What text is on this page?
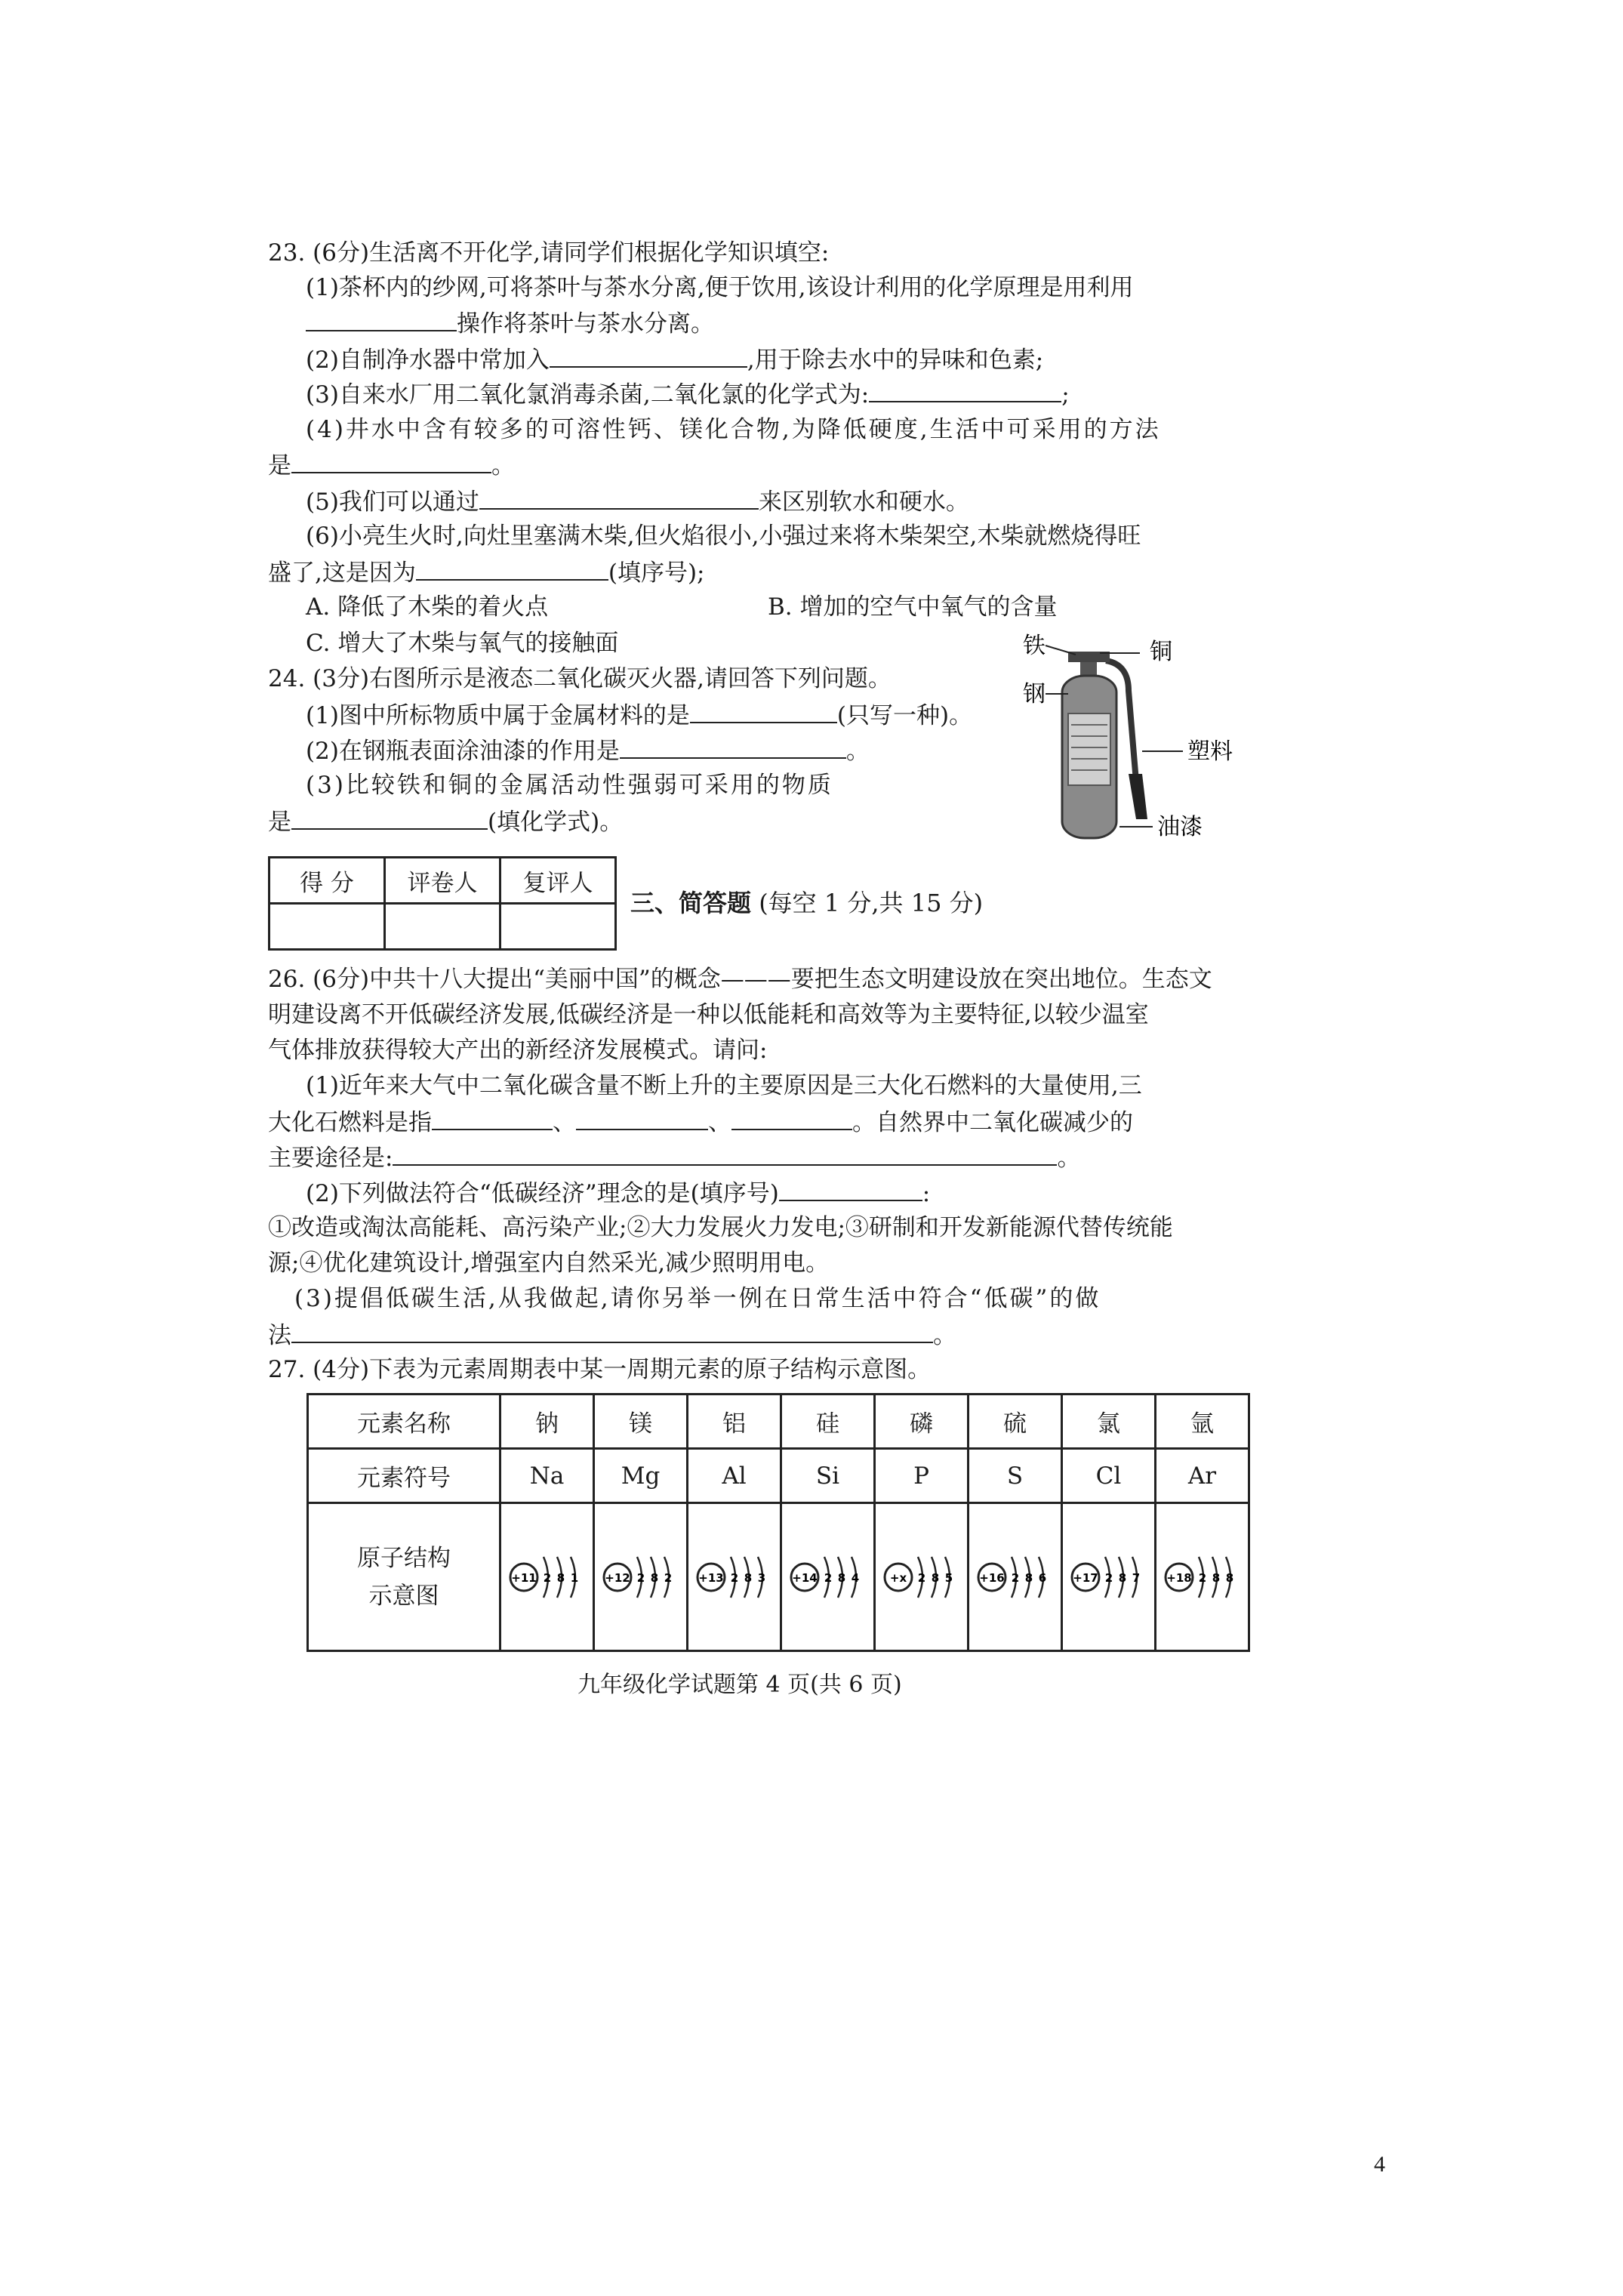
23. (6分)生活离不开化学,请同学们根据化学知识填空:
(1)茶杯内的纱网,可将茶叶与茶水分离,便于饮用,该设计利用的化学原理是用利用
操作将茶叶与茶水分离。
(2)自制净水器中常加入	,用于除去水中的异味和色素;
(3)自来水厂用二氧化氯消毒杀菌,二氧化氯的化学式为:	;
(4)井水中含有较多的可溶性钙、镁化合物,为降低硬度,生活中可采用的方法
是	。
(5)我们可以通过	来区别软水和硬水。
(6)小亮生火时,向灶里塞满木柴,但火焰很小,小强过来将木柴架空,木柴就燃烧得旺
盛了,这是因为	(填序号);
A. 降低了木柴的着火点	B. 增加的空气中氧气的含量
C. 增大了木柴与氧气的接触面
24. (3分)右图所示是液态二氧化碳灭火器,请回答下列问题。
(1)图中所标物质中属于金属材料的是	(只写一种)。
(2)在钢瓶表面涂油漆的作用是	。
(3)比较铁和铜的金属活动性强弱可采用的物质
是	(填化学式)。
铁	铜
钢
塑料
油漆
得 分	评卷人	复评人

三、简答题 (每空 1 分,共 15 分)
26. (6分)中共十八大提出“美丽中国”的概念———要把生态文明建设放在突出地位。生态文
明建设离不开低碳经济发展,低碳经济是一种以低能耗和高效等为主要特征,以较少温室
气体排放获得较大产出的新经济发展模式。请问:
(1)近年来大气中二氧化碳含量不断上升的主要原因是三大化石燃料的大量使用,三
大化石燃料是指	、	、	。自然界中二氧化碳减少的
主要途径是:	。
(2)下列做法符合“低碳经济”理念的是(填序号)	:
①改造或淘汰高能耗、高污染产业;②大力发展火力发电;③研制和开发新能源代替传统能
源;④优化建筑设计,增强室内自然采光,减少照明用电。
(3)提倡低碳生活,从我做起,请你另举一例在日常生活中符合“低碳”的做
法	。
27. (4分)下表为元素周期表中某一周期元素的原子结构示意图。
元素名称	钠	镁	铝	硅	磷	硫	氯	氩
元素符号	Na	Mg	Al	Si	P	S	Cl	Ar
原子结构
示意图	+11 2 8 1	+12 2 8 2	+13 2 8 3	+14 2 8 4	+x 2 8 5	+16 2 8 6	+17 2 8 7	+18 2 8 8
九年级化学试题第 4 页(共 6 页)
4
